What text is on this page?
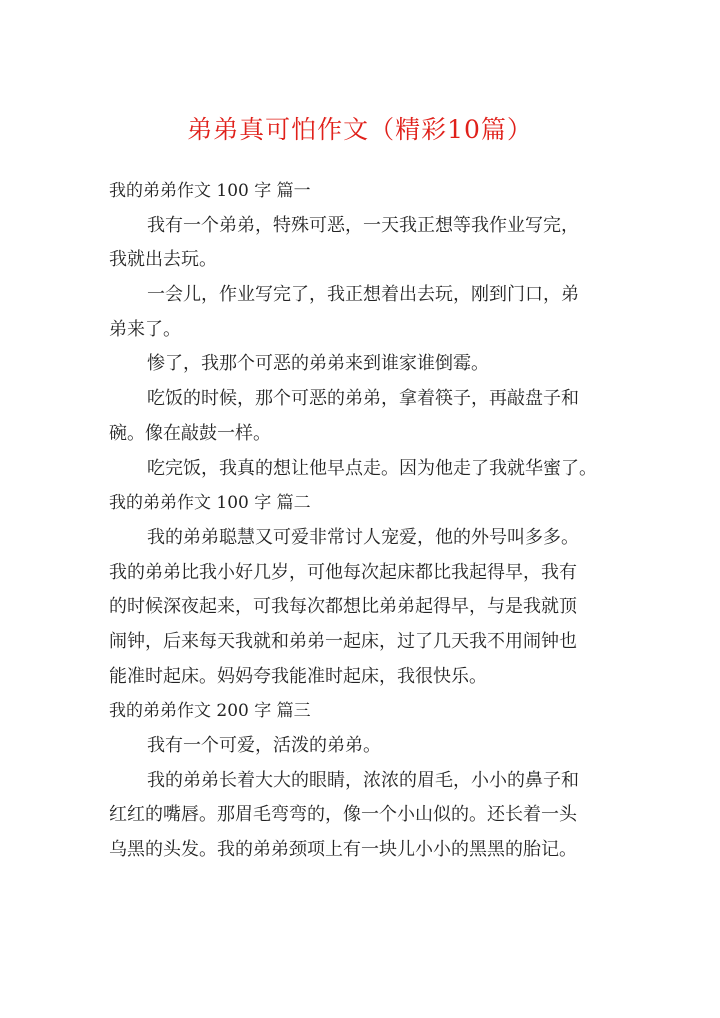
弟弟真可怕作文（精彩10篇）
我的弟弟作文 100 字 篇一
我有一个弟弟，特殊可恶，一天我正想等我作业写完，
我就出去玩。
一会儿，作业写完了，我正想着出去玩，刚到门口，弟
弟来了。
惨了，我那个可恶的弟弟来到谁家谁倒霉。
吃饭的时候，那个可恶的弟弟，拿着筷子，再敲盘子和
碗。像在敲鼓一样。
吃完饭，我真的想让他早点走。因为他走了我就华蜜了。
我的弟弟作文 100 字 篇二
我的弟弟聪慧又可爱非常讨人宠爱，他的外号叫多多。
我的弟弟比我小好几岁，可他每次起床都比我起得早，我有
的时候深夜起来，可我每次都想比弟弟起得早，与是我就顶
闹钟，后来每天我就和弟弟一起床，过了几天我不用闹钟也
能准时起床。妈妈夸我能准时起床，我很快乐。
我的弟弟作文 200 字 篇三
我有一个可爱，活泼的弟弟。
我的弟弟长着大大的眼睛，浓浓的眉毛，小小的鼻子和
红红的嘴唇。那眉毛弯弯的，像一个小山似的。还长着一头
乌黑的头发。我的弟弟颈项上有一块儿小小的黑黑的胎记。
